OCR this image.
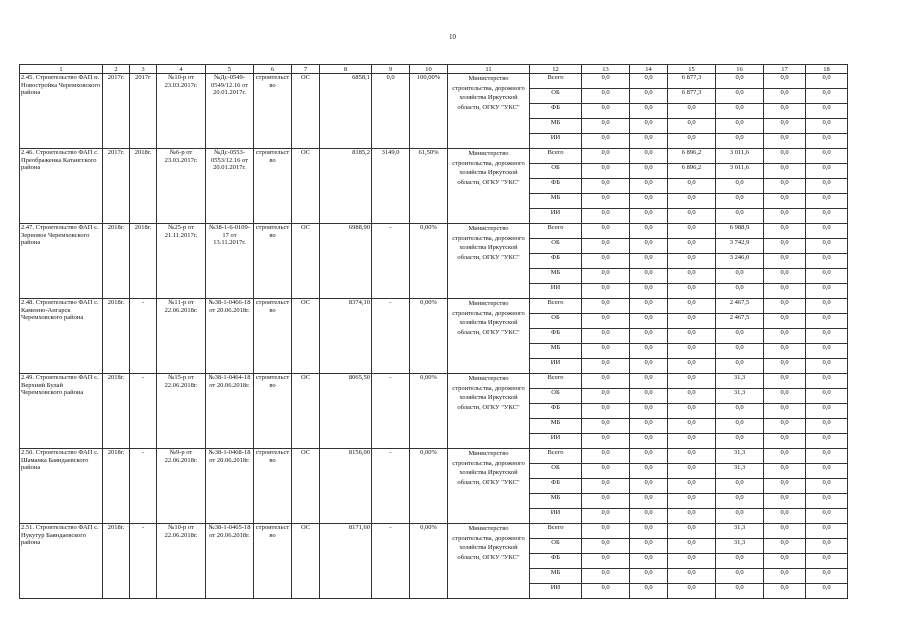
10
1	2	3	4	5	6	7	8	9	10	11	12	13	14	15	16	17	18
2.45. Строительство ФАП п. Новостройка Черемховского района	2017г.	2017г	№10-р от 23.03.2017г.	№Дс-0549-0549/12.16 от 20.01.2017г.	строительство	ОС	6858,1	0,0	100,00%	Министерство строительства, дорожного хозяйства Иркутской области, ОГКУ "УКС"	Всего	0,0	0,0	6 877,3	0,0	0,0	0,0
											ОБ	0,0	0,0	6 877,3	0,0	0,0	0,0
											ФБ	0,0	0,0	0,0	0,0	0,0	0,0
											МБ	0,0	0,0	0,0	0,0	0,0	0,0
											ИИ	0,0	0,0	0,0	0,0	0,0	0,0
2.46. Строительство ФАП с. Преображенка Катангского района	2017г.	2018г.	№6-р от 23.03.2017г.	№Дс-0553-0553/12.16 от 20.01.2017г.	строительство	ОС	8185,2	3149,0	61,50%	Министерство строительства, дорожного хозяйства Иркутской области, ОГКУ "УКС"	Всего	0,0	0,0	6 896,2	3 011,6	0,0	0,0
											ОБ	0,0	0,0	6 896,2	3 011,6	0,0	0,0
											ФБ	0,0	0,0	0,0	0,0	0,0	0,0
											МБ	0,0	0,0	0,0	0,0	0,0	0,0
											ИИ	0,0	0,0	0,0	0,0	0,0	0,0
2.47. Строительство ФАП с. Зерновое Черемховского района	2018г.	2018г.	№25-р от 21.11.2017г.	№38-1-6-0109-17 от 13.11.2017г.	строительство	ОС	6988,90	-	0,00%	Министерство строительства, дорожного хозяйства Иркутской области, ОГКУ "УКС"	Всего	0,0	0,0	0,0	6 988,9	0,0	0,0
											ОБ	0,0	0,0	0,0	3 742,9	0,0	0,0
											ФБ	0,0	0,0	0,0	3 246,0	0,0	0,0
											МБ	0,0	0,0	0,0	0,0	0,0	0,0
											ИИ	0,0	0,0	0,0	0,0	0,0	0,0
2.48. Строительство ФАП с. Каменно-Ангарск Черемховского района	2018г.	-	№11-р от 22.06.2018г.	№38-1-0466-18 от 20.06.2018г.	строительство	ОС	8374,10	-	0,00%	Министерство строительства, дорожного хозяйства Иркутской области, ОГКУ "УКС"	Всего	0,0	0,0	0,0	2 467,5	0,0	0,0
											ОБ	0,0	0,0	0,0	2 467,5	0,0	0,0
											ФБ	0,0	0,0	0,0	0,0	0,0	0,0
											МБ	0,0	0,0	0,0	0,0	0,0	0,0
											ИИ	0,0	0,0	0,0	0,0	0,0	0,0
2.49. Строительство ФАП с. Верхний Булай Черемховского района	2018г.	-	№15-р от 22.06.2018г.	№38-1-0464-18 от 20.06.2018г.	строительство	ОС	8065,50	-	0,00%	Министерство строительства, дорожного хозяйства Иркутской области, ОГКУ "УКС"	Всего	0,0	0,0	0,0	31,3	0,0	0,0
											ОБ	0,0	0,0	0,0	31,3	0,0	0,0
											ФБ	0,0	0,0	0,0	0,0	0,0	0,0
											МБ	0,0	0,0	0,0	0,0	0,0	0,0
											ИИ	0,0	0,0	0,0	0,0	0,0	0,0
2.50. Строительство ФАП с. Шаманка Баяндаевского района	2018г.	-	№9-р от 22.06.2018г.	№38-1-0468-18 от 20.06.2018г.	строительство	ОС	8156,00	-	0,00%	Министерство строительства, дорожного хозяйства Иркутской области, ОГКУ "УКС"	Всего	0,0	0,0	0,0	31,3	0,0	0,0
											ОБ	0,0	0,0	0,0	31,3	0,0	0,0
											ФБ	0,0	0,0	0,0	0,0	0,0	0,0
											МБ	0,0	0,0	0,0	0,0	0,0	0,0
											ИИ	0,0	0,0	0,0	0,0	0,0	0,0
2.51. Строительство ФАП с. Нукутур Баяндаевского района	2018г.	-	№10-р от 22.06.2018г.	№38-1-0465-18 от 20.06.2018г.	строительство	ОС	8171,60	-	0,00%	Министерство строительства, дорожного хозяйства Иркутской области, ОГКУ "УКС"	Всего	0,0	0,0	0,0	31,3	0,0	0,0
											ОБ	0,0	0,0	0,0	31,3	0,0	0,0
											ФБ	0,0	0,0	0,0	0,0	0,0	0,0
											МБ	0,0	0,0	0,0	0,0	0,0	0,0
											ИИ	0,0	0,0	0,0	0,0	0,0	0,0
